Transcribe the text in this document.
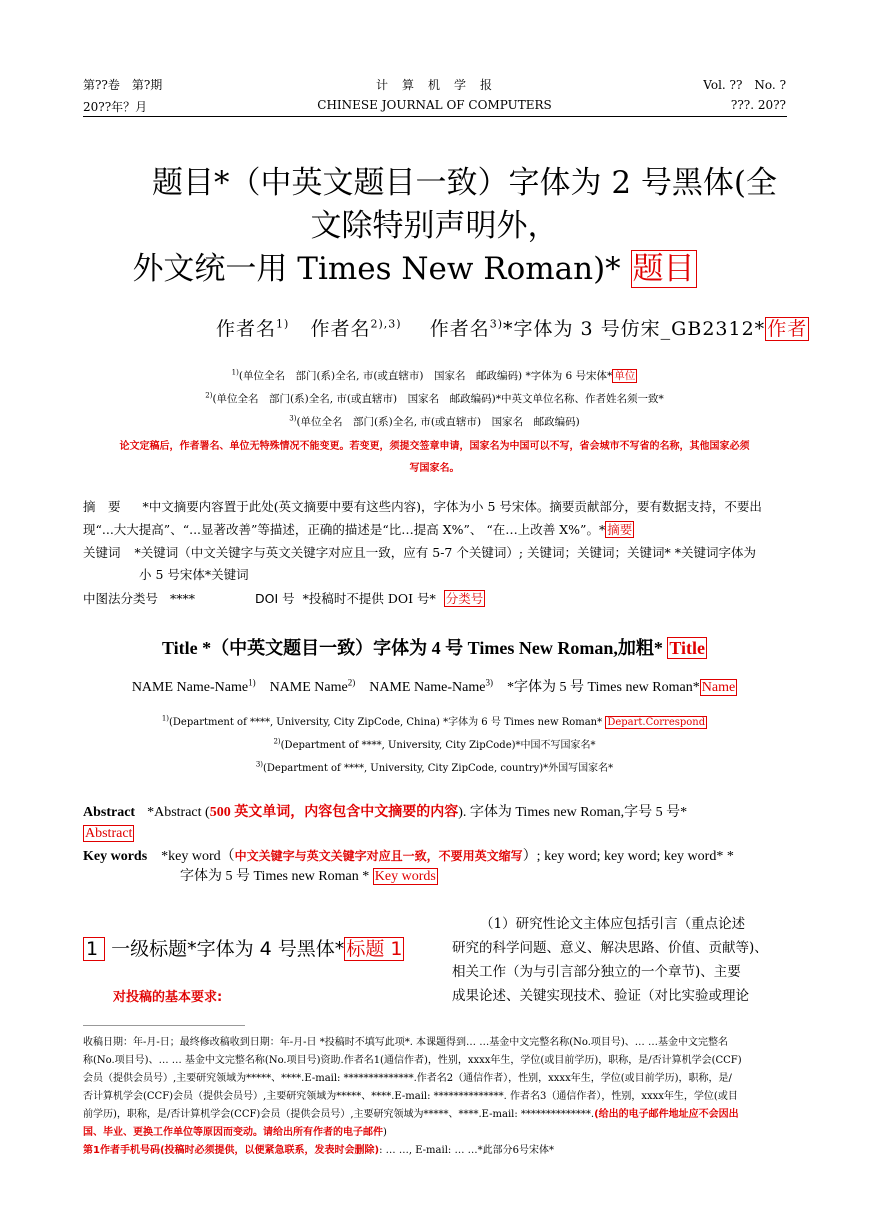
第??卷　第?期	计　算　机　学　报	Vol. ??　No. ?
20??年？月	CHINESE JOURNAL OF COMPUTERS	???. 20??
题目*（中英文题目一致）字体为 2 号黑体(全
文除特别声明外，
外文统一用 Times New Roman)* 题目
作者名$^{1)}$ 作者名$^{2),3)}$ 作者名$^{3)}$*字体为 3 号仿宋_GB2312* 作者
$^{1)}$(单位全名　部门(系)全名, 市(或直辖市)　国家名　邮政编码) *字体为 6 号宋体* 单位
$^{2)}$(单位全名　部门(系)全名, 市(或直辖市)　国家名　邮政编码)*中英文单位名称、作者姓名须一致*
$^{3)}$(单位全名　部门(系)全名, 市(或直辖市)　国家名　邮政编码)
论文定稿后，作者署名、单位无特殊情况不能变更。若变更，须提交签章申请，国家名为中国可以不写，省会城市不写省的名称，其他国家必须
写国家名。
摘　要 *中文摘要内容置于此处(英文摘要中要有这些内容)，字体为小 5 号宋体。摘要贡献部分，要有数据支持，不要出
现“...大大提高”、“...显著改善”等描述，正确的描述是“比…提高 X%”、 “在…上改善 X%”。* 摘要
关键词 *关键词（中文关键字与英文关键字对应且一致，应有 5-7 个关键词）; 关键词；关键词；关键词* *关键词字体为
小 5 号宋体*关键词
中图法分类号 ****	DOI 号 *投稿时不提供 DOI 号* 分类号
Title *（中英文题目一致）字体为 4 号 Times New Roman,加粗* Title
NAME Name-Name$^{1)}$ NAME Name$^{2)}$ NAME Name-Name$^{3)}$ *字体为 5 号 Times new Roman* Name
$^{1)}$(Department of ****, University, City ZipCode, China) *字体为 6 号 Times new Roman* Depart.Correspond
$^{2)}$(Department of ****, University, City ZipCode)*中国不写国家名*
$^{3)}$(Department of ****, University, City ZipCode, country)*外国写国家名*
Abstract *Abstract (500 英文单词，内容包含中文摘要的内容). 字体为 Times new Roman,字号 5 号*
Abstract
Key words *key word（中文关键字与英文关键字对应且一致，不要用英文缩写）; key word; key word; key word* *
字体为 5 号 Times new Roman * Key words
1 一级标题*字体为 4 号黑体* 标题 1
对投稿的基本要求:
（1）研究性论文主体应包括引言（重点论述
研究的科学问题、意义、解决思路、价值、贡献等)、
相关工作（为与引言部分独立的一个章节)、主要
成果论述、关键实现技术、验证（对比实验或理论
收稿日期：年-月-日；最终修改稿收到日期：年-月-日 *投稿时不填写此项*. 本课题得到… …基金中文完整名称(No.项目号)、… …基金中文完整名
称(No.项目号)、… … 基金中文完整名称(No.项目号)资助.作者名1(通信作者)，性别，xxxx年生，学位(或目前学历)，职称，是/否计算机学会(CCF)
会员（提供会员号）,主要研究领域为*****、****.E-mail: **************.作者名2（通信作者），性别，xxxx年生，学位(或目前学历)，职称，是/
否计算机学会(CCF)会员（提供会员号）,主要研究领域为*****、****.E-mail: **************. 作者名3（通信作者），性别，xxxx年生，学位(或目
前学历)，职称，是/否计算机学会(CCF)会员（提供会员号）,主要研究领域为*****、****.E-mail: **************.(给出的电子邮件地址应不会因出
国、毕业、更换工作单位等原因而变动。请给出所有作者的电子邮件)
第1作者手机号码(投稿时必须提供，以便紧急联系，发表时会删除): … …, E-mail: … …*此部分6号宋体*
